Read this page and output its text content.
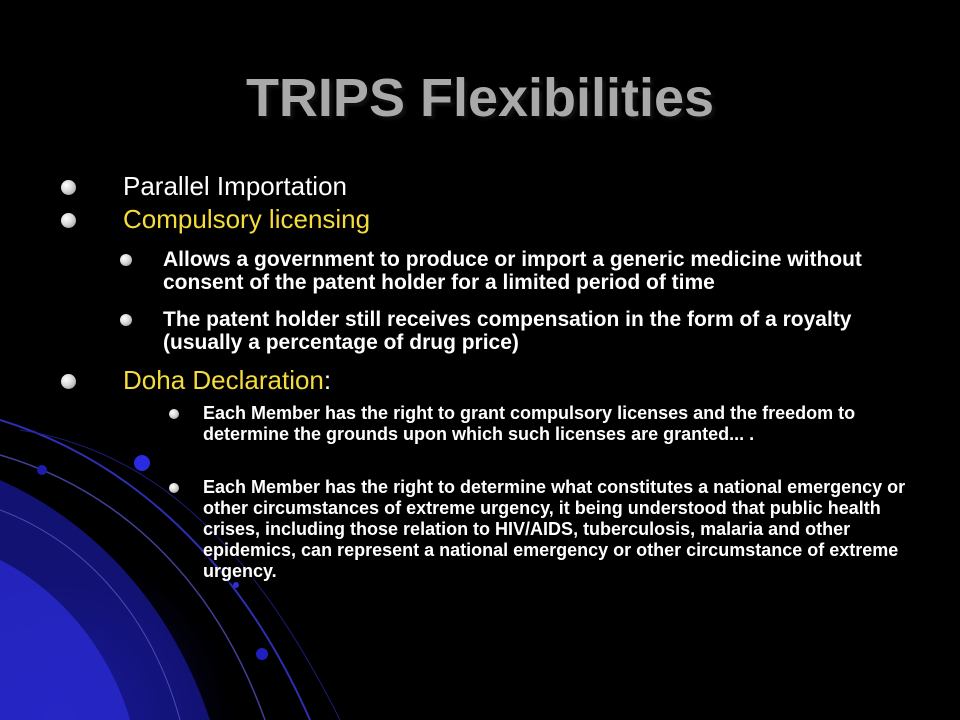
TRIPS Flexibilities
Parallel Importation
Compulsory licensing
Allows a government to produce or import a generic medicine without consent of the patent holder for a limited period of time
The patent holder still receives compensation in the form of a royalty (usually a percentage of drug price)
Doha Declaration:
Each Member has the right to grant compulsory licenses and the freedom to determine the grounds upon which such licenses are granted... .
Each Member has the right to determine what constitutes a national emergency or other circumstances of extreme urgency, it being understood that public health crises, including those relation to HIV/AIDS, tuberculosis, malaria and other epidemics, can represent a national emergency or other circumstance of extreme urgency.
